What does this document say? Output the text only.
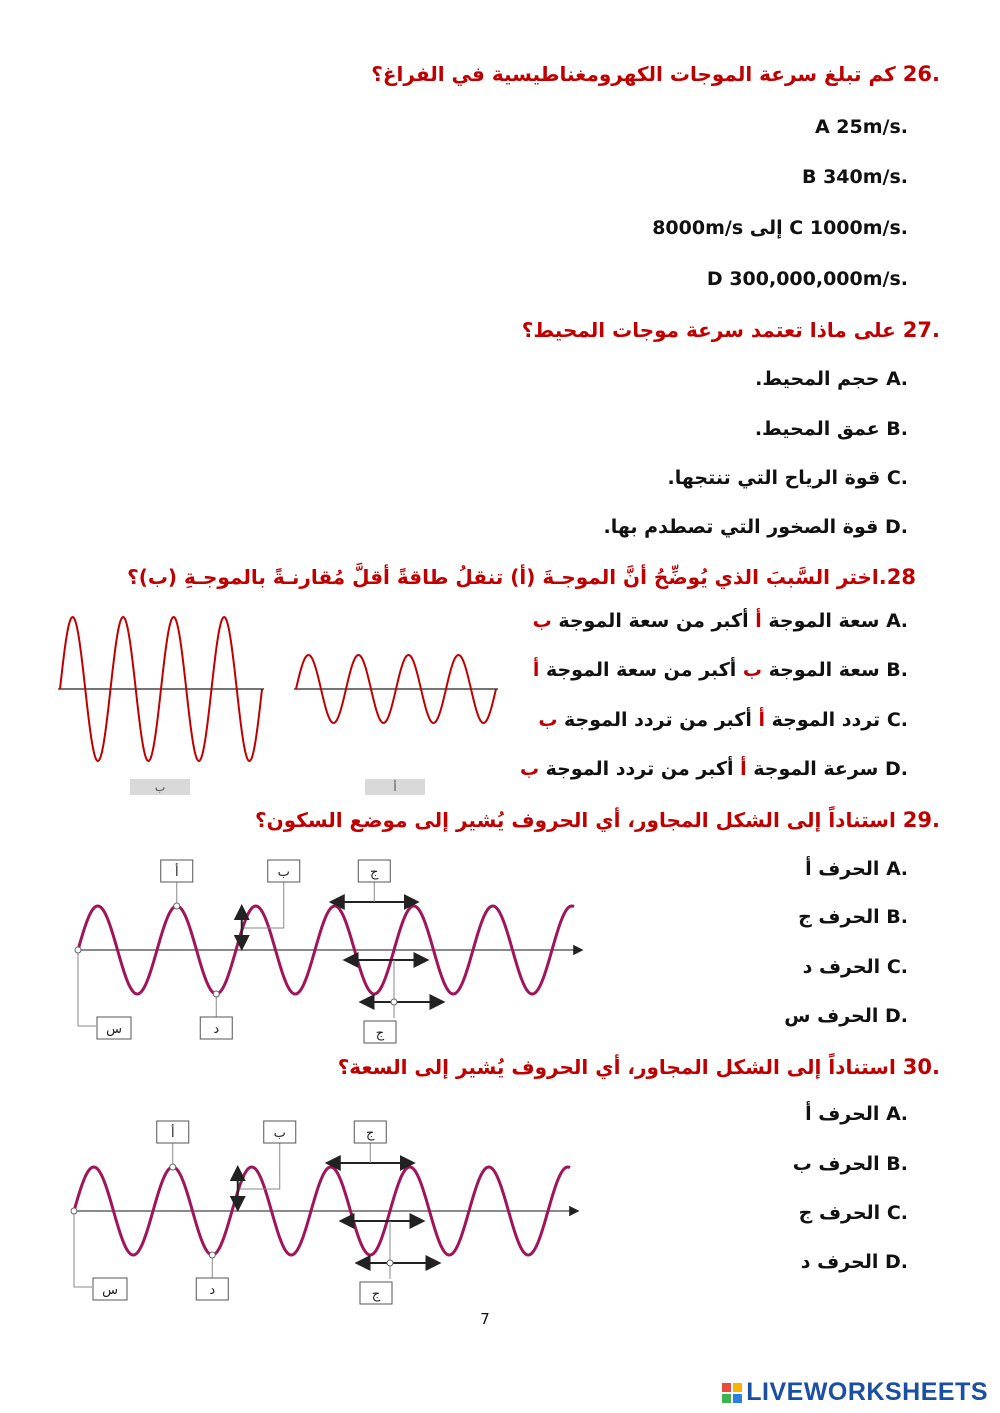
.26 كم تبلغ سرعة الموجات الكهرومغناطيسية في الفراغ؟
.A 25m/s
.B 340m/s
.C 1000m/s إلى 8000m/s
.D 300,000,000m/s
.27 على ماذا تعتمد سرعة موجات المحيط؟
.A حجم المحيط.
.B عمق المحيط.
.C قوة الرياح التي تنتجها.
.D قوة الصخور التي تصطدم بها.
28.اختر السَّببَ الذي يُوضِّحُ أنَّ الموجـةَ (أ) تنقلُ طاقةً أقلَّ مُقارنـةً بالموجـةِ (ب)؟
.A سعة الموجة أ أكبر من سعة الموجة ب
.B سعة الموجة ب أكبر من سعة الموجة أ
.C تردد الموجة أ أكبر من تردد الموجة ب
.D سرعة الموجة أ أكبر من تردد الموجة ب
ب	أ
.29 استناداً إلى الشكل المجاور، أي الحروف يُشير إلى موضع السكون؟
.A الحرف أ
.B الحرف ج
.C الحرف د
.D الحرف س
أ	ب	ج
ج
د
س
.30 استناداً إلى الشكل المجاور، أي الحروف يُشير إلى السعة؟
.A الحرف أ
.B الحرف ب
.C الحرف ج
.D الحرف د
أ	ب	ج
ج
د
س
7
LIVEWORKSHEETS
